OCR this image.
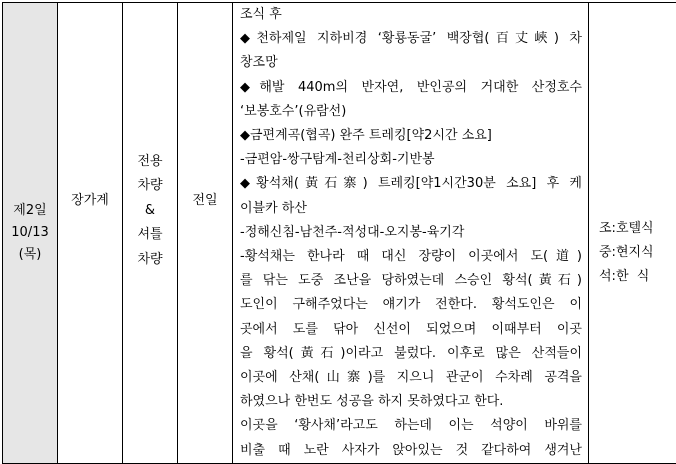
제2일
10/13
(목)

장가계

전용
차량
&
셔틀
차량

전일

조식 후
◆천하제일 지하비경 ‘황룡동굴’ 백장협(百丈峽) 차
창조망
◆해발 440m의 반자연, 반인공의 거대한 산정호수
‘보봉호수’(유람선)
◆금편계곡(협곡) 완주 트레킹[약2시간 소요]
-금편암-쌍구탐계-천리상회-기반봉
◆황석채(黃石寨) 트레킹[약1시간30분 소요] 후 케
이블카 하산
-정해신침-남천주-적성대-오지봉-육기각
-황석채는 한나라 때 대신 장량이 이곳에서 도(道)
를 닦는 도중 조난을 당하였는데 스승인 황석(黃石)
도인이 구해주었다는 얘기가 전한다. 황석도인은 이
곳에서 도를 닦아 신선이 되었으며 이때부터 이곳
을 황석(黃石)이라고 불렀다. 이후로 많은 산적들이
이곳에 산채(山寨)를 지으니 관군이 수차례 공격을
하였으나 한번도 성공을 하지 못하였다고 한다.
이곳을 ‘황사채’라고도 하는데 이는 석양이 바위를
비출 때 노란 사자가 앉아있는 것 같다하여 생겨난

조:호텔식
중:현지식
석:한  식
